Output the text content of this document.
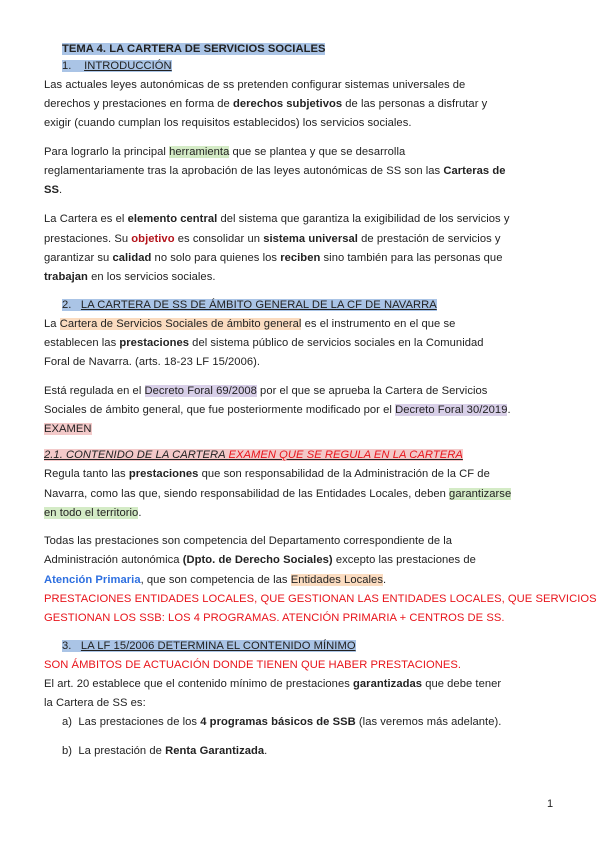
TEMA 4. LA CARTERA DE SERVICIOS SOCIALES
1. INTRODUCCIÓN
Las actuales leyes autonómicas de ss pretenden configurar sistemas universales de
derechos y prestaciones en forma de derechos subjetivos de las personas a disfrutar y
exigir (cuando cumplan los requisitos establecidos) los servicios sociales.
Para lograrlo la principal herramienta que se plantea y que se desarrolla
reglamentariamente tras la aprobación de las leyes autonómicas de SS son las Carteras de
SS.
La Cartera es el elemento central del sistema que garantiza la exigibilidad de los servicios y
prestaciones. Su objetivo es consolidar un sistema universal de prestación de servicios y
garantizar su calidad no solo para quienes los reciben sino también para las personas que
trabajan en los servicios sociales.
2. LA CARTERA DE SS DE ÁMBITO GENERAL DE LA CF DE NAVARRA
La Cartera de Servicios Sociales de ámbito general es el instrumento en el que se
establecen las prestaciones del sistema público de servicios sociales en la Comunidad
Foral de Navarra. (arts. 18-23 LF 15/2006).
Está regulada en el Decreto Foral 69/2008 por el que se aprueba la Cartera de Servicios
Sociales de ámbito general, que fue posteriormente modificado por el Decreto Foral 30/2019.
EXAMEN
2.1. CONTENIDO DE LA CARTERA EXAMEN QUE SE REGULA EN LA CARTERA
Regula tanto las prestaciones que son responsabilidad de la Administración de la CF de
Navarra, como las que, siendo responsabilidad de las Entidades Locales, deben garantizarse
en todo el territorio.
Todas las prestaciones son competencia del Departamento correspondiente de la
Administración autonómica (Dpto. de Derecho Sociales) excepto las prestaciones de
Atención Primaria, que son competencia de las Entidades Locales.
PRESTACIONES ENTIDADES LOCALES, QUE GESTIONAN LAS ENTIDADES LOCALES, QUE SERVICIOS
GESTIONAN LOS SSB: LOS 4 PROGRAMAS. ATENCIÓN PRIMARIA + CENTROS DE SS.
3. LA LF 15/2006 DETERMINA EL CONTENIDO MÍNIMO
SON ÁMBITOS DE ACTUACIÓN DONDE TIENEN QUE HABER PRESTACIONES.
El art. 20 establece que el contenido mínimo de prestaciones garantizadas que debe tener
la Cartera de SS es:
a) Las prestaciones de los 4 programas básicos de SSB (las veremos más adelante).
b) La prestación de Renta Garantizada.
1
